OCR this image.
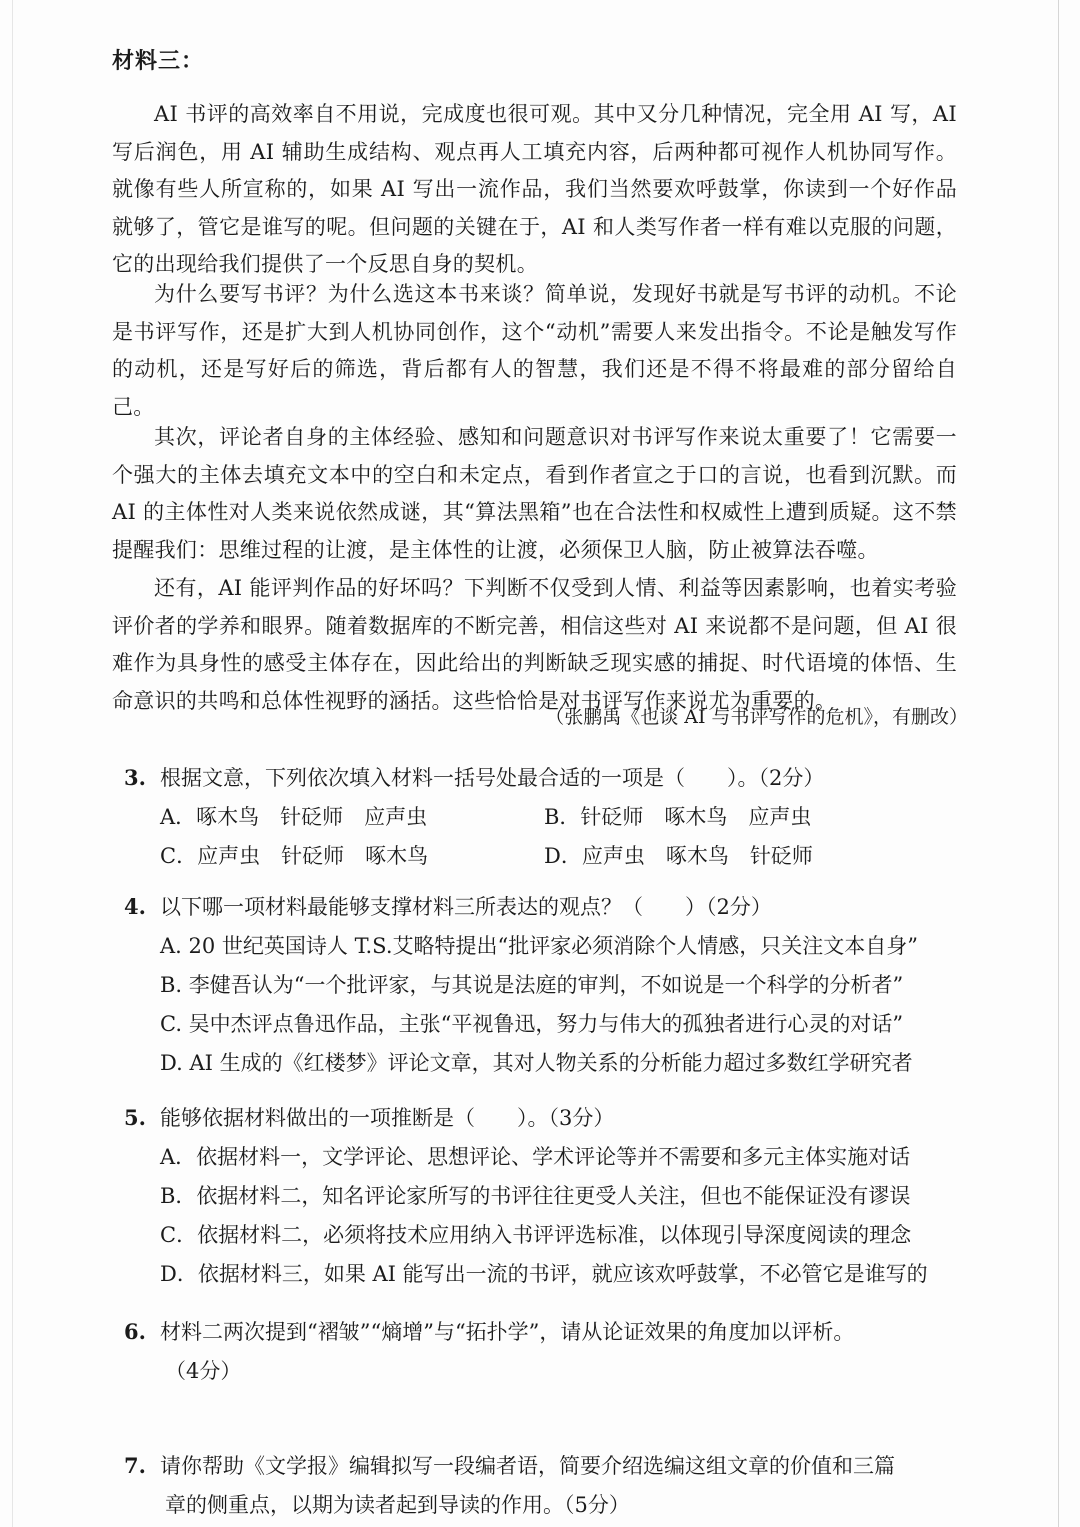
材料三：

AI 书评的高效率自不用说，完成度也很可观。其中又分几种情况，完全用 AI 写，AI 写后润色，用 AI 辅助生成结构、观点再人工填充内容，后两种都可视作人机协同写作。就像有些人所宣称的，如果 AI 写出一流作品，我们当然要欢呼鼓掌，你读到一个好作品就够了，管它是谁写的呢。但问题的关键在于，AI 和人类写作者一样有难以克服的问题，它的出现给我们提供了一个反思自身的契机。

为什么要写书评？为什么选这本书来谈？简单说，发现好书就是写书评的动机。不论是书评写作，还是扩大到人机协同创作，这个“动机”需要人来发出指令。不论是触发写作的动机，还是写好后的筛选，背后都有人的智慧，我们还是不得不将最难的部分留给自己。

其次，评论者自身的主体经验、感知和问题意识对书评写作来说太重要了！它需要一个强大的主体去填充文本中的空白和未定点，看到作者宣之于口的言说，也看到沉默。而 AI 的主体性对人类来说依然成谜，其“算法黑箱”也在合法性和权威性上遭到质疑。这不禁提醒我们：思维过程的让渡，是主体性的让渡，必须保卫人脑，防止被算法吞噬。

还有，AI 能评判作品的好坏吗？下判断不仅受到人情、利益等因素影响，也着实考验评价者的学养和眼界。随着数据库的不断完善，相信这些对 AI 来说都不是问题，但 AI 很难作为具身性的感受主体存在，因此给出的判断缺乏现实感的捕捉、时代语境的体悟、生命意识的共鸣和总体性视野的涵括。这些恰恰是对书评写作来说尤为重要的。

（张鹏禹《也谈 AI 与书评写作的危机》，有删改）
3. 根据文意，下列依次填入材料一括号处最合适的一项是（　　）。（2分）
A．啄木鸟　针砭师　应声虫	B．针砭师　啄木鸟　应声虫
C．应声虫　针砭师　啄木鸟	D．应声虫　啄木鸟　针砭师
4. 以下哪一项材料最能够支撑材料三所表达的观点？（　　）（2分）
A. 20 世纪英国诗人 T.S.艾略特提出“批评家必须消除个人情感，只关注文本自身”
B. 李健吾认为“一个批评家，与其说是法庭的审判，不如说是一个科学的分析者”
C. 吴中杰评点鲁迅作品，主张“平视鲁迅，努力与伟大的孤独者进行心灵的对话”
D. AI 生成的《红楼梦》评论文章，其对人物关系的分析能力超过多数红学研究者
5. 能够依据材料做出的一项推断是（　　）。（3分）
A．依据材料一，文学评论、思想评论、学术评论等并不需要和多元主体实施对话
B．依据材料二，知名评论家所写的书评往往更受人关注，但也不能保证没有谬误
C．依据材料二，必须将技术应用纳入书评评选标准，以体现引导深度阅读的理念
D．依据材料三，如果 AI 能写出一流的书评，就应该欢呼鼓掌，不必管它是谁写的
6. 材料二两次提到“褶皱”“熵增”与“拓扑学”，请从论证效果的角度加以评析。
（4分）
7. 请你帮助《文学报》编辑拟写一段编者语，简要介绍选编这组文章的价值和三篇
章的侧重点，以期为读者起到导读的作用。（5分）
